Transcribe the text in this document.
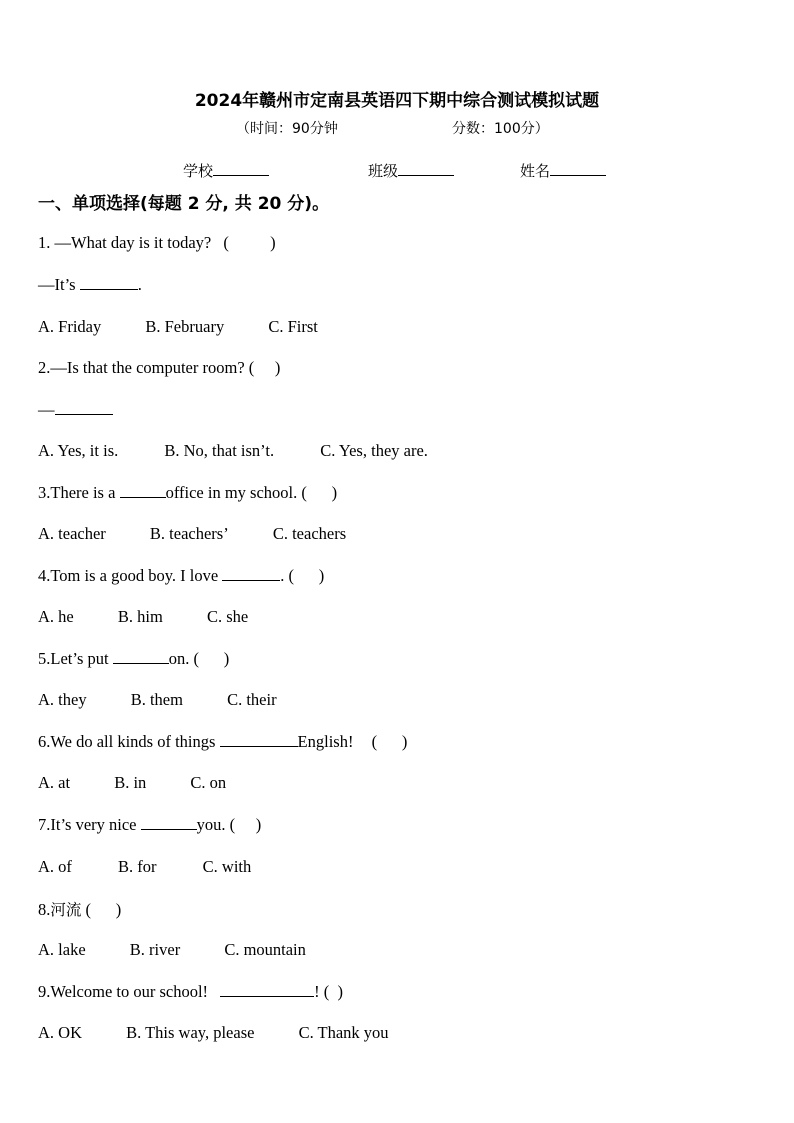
2024年赣州市定南县英语四下期中综合测试模拟试题
（时间：90分钟	分数：100分）
学校	班级	姓名
一、单项选择(每题 2 分, 共 20 分)。
1. —What day is it today? (          )
—It’s	.
A. Friday	B. February	C. First
2.—Is that the computer room? (     )
—
A. Yes, it is.	B. No, that isn’t.	C. Yes, they are.
3.There is a	office in my school. (      )
A. teacher	B. teachers’	C. teachers
4.Tom is a good boy. I love	. (      )
A. he	B. him	C. she
5.Let’s put	on. (      )
A. they	B. them	C. their
6.We do all kinds of things	English! (      )
A. at	B. in	C. on
7.It’s very nice	you. (     )
A. of	B. for	C. with
8.河流 (      )
A. lake	B. river	C. mountain
9.Welcome to our school!	! (  )
A. OK	B. This way, please	C. Thank you
